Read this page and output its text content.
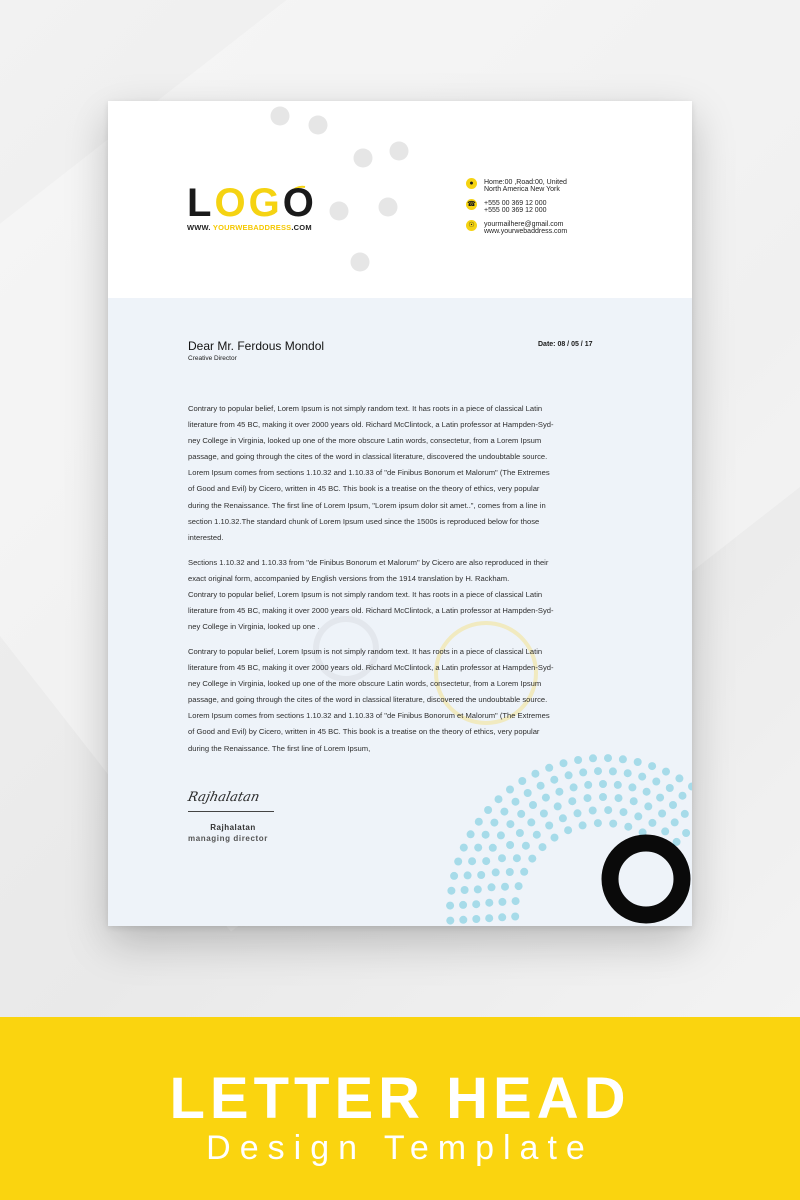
LOGO
WWW. YOURWEBADDRESS.COM
●	Home:00 ,Road:00, United
North America New York
☎ +555 00 369 12 000
+555 00 369 12 000
☉	yourmailhere@gmail.com
www.yourwebaddress.com
Dear Mr. Ferdous Mondol
Creative Director
Date: 08 / 05 / 17
Contrary to popular belief, Lorem Ipsum is not simply random text. It has roots in a piece of classical Latin
literature from 45 BC, making it over 2000 years old. Richard McClintock, a Latin professor at Hampden-Syd-
ney College in Virginia, looked up one of the more obscure Latin words, consectetur, from a Lorem Ipsum
passage, and going through the cites of the word in classical literature, discovered the undoubtable source.
Lorem Ipsum comes from sections 1.10.32 and 1.10.33 of "de Finibus Bonorum et Malorum" (The Extremes
of Good and Evil) by Cicero, written in 45 BC. This book is a treatise on the theory of ethics, very popular
during the Renaissance. The first line of Lorem Ipsum, "Lorem ipsum dolor sit amet..", comes from a line in
section 1.10.32.The standard chunk of Lorem Ipsum used since the 1500s is reproduced below for those
interested.
Sections 1.10.32 and 1.10.33 from "de Finibus Bonorum et Malorum" by Cicero are also reproduced in their
exact original form, accompanied by English versions from the 1914 translation by H. Rackham.
Contrary to popular belief, Lorem Ipsum is not simply random text. It has roots in a piece of classical Latin
literature from 45 BC, making it over 2000 years old. Richard McClintock, a Latin professor at Hampden-Syd-
ney College in Virginia, looked up one .
Contrary to popular belief, Lorem Ipsum is not simply random text. It has roots in a piece of classical Latin
literature from 45 BC, making it over 2000 years old. Richard McClintock, a Latin professor at Hampden-Syd-
ney College in Virginia, looked up one of the more obscure Latin words, consectetur, from a Lorem Ipsum
passage, and going through the cites of the word in classical literature, discovered the undoubtable source.
Lorem Ipsum comes from sections 1.10.32 and 1.10.33 of "de Finibus Bonorum et Malorum" (The Extremes
of Good and Evil) by Cicero, written in 45 BC. This book is a treatise on the theory of ethics, very popular
during the Renaissance. The first line of Lorem Ipsum,
Rajhalatan
Rajhalatan
managing director
LETTER HEAD
Design Template
